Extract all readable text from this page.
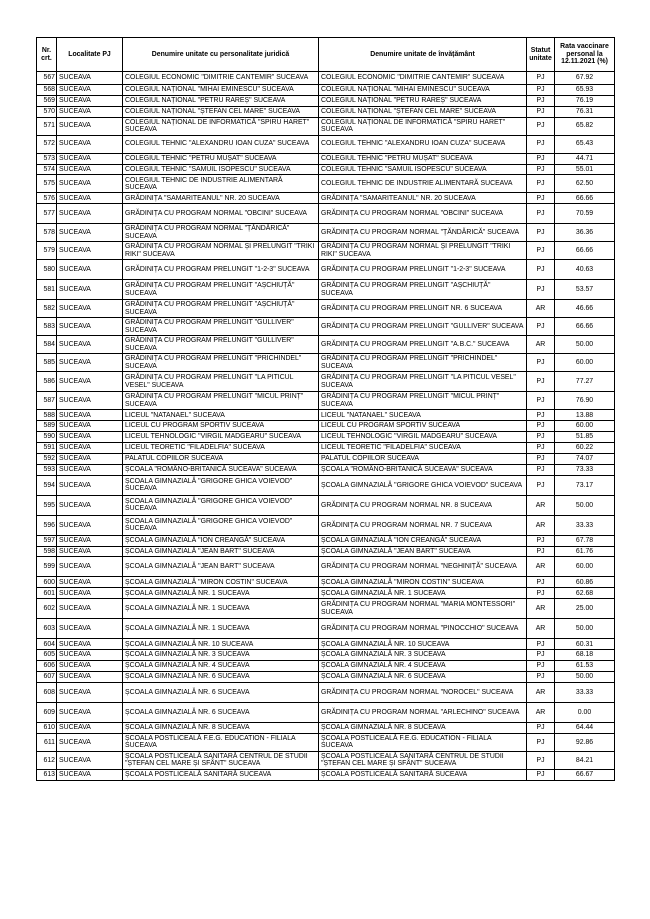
Nr. crt.	Localitate PJ	Denumire unitate cu personalitate juridică	Denumire unitate de învățământ	Statut unitate	Rata vaccinare personal la 12.11.2021 (%)
567	SUCEAVA	COLEGIUL ECONOMIC "DIMITRIE CANTEMIR" SUCEAVA	COLEGIUL ECONOMIC "DIMITRIE CANTEMIR" SUCEAVA	PJ	67.92
568	SUCEAVA	COLEGIUL NAȚIONAL "MIHAI EMINESCU" SUCEAVA	COLEGIUL NAȚIONAL "MIHAI EMINESCU" SUCEAVA	PJ	65.93
569	SUCEAVA	COLEGIUL NAȚIONAL "PETRU RAREȘ" SUCEAVA	COLEGIUL NAȚIONAL "PETRU RAREȘ" SUCEAVA	PJ	76.19
570	SUCEAVA	COLEGIUL NAȚIONAL "ȘTEFAN CEL MARE" SUCEAVA	COLEGIUL NAȚIONAL "ȘTEFAN CEL MARE" SUCEAVA	PJ	76.31
571	SUCEAVA	COLEGIUL NAȚIONAL DE INFORMATICĂ "SPIRU HARET" SUCEAVA	COLEGIUL NAȚIONAL DE INFORMATICĂ "SPIRU HARET" SUCEAVA	PJ	65.82
572	SUCEAVA	COLEGIUL TEHNIC "ALEXANDRU IOAN CUZA" SUCEAVA	COLEGIUL TEHNIC "ALEXANDRU IOAN CUZA" SUCEAVA	PJ	65.43
573	SUCEAVA	COLEGIUL TEHNIC "PETRU MUȘAT" SUCEAVA	COLEGIUL TEHNIC "PETRU MUȘAT" SUCEAVA	PJ	44.71
574	SUCEAVA	COLEGIUL TEHNIC "SAMUIL ISOPESCU" SUCEAVA	COLEGIUL TEHNIC "SAMUIL ISOPESCU" SUCEAVA	PJ	55.01
575	SUCEAVA	COLEGIUL TEHNIC DE INDUSTRIE ALIMENTARĂ SUCEAVA	COLEGIUL TEHNIC DE INDUSTRIE ALIMENTARĂ SUCEAVA	PJ	62.50
576	SUCEAVA	GRĂDINIȚA "SAMARITEANUL" NR. 20 SUCEAVA	GRĂDINIȚA "SAMARITEANUL" NR. 20 SUCEAVA	PJ	66.66
577	SUCEAVA	GRĂDINIȚA CU PROGRAM NORMAL "OBCINI" SUCEAVA	GRĂDINIȚA CU PROGRAM NORMAL "OBCINI" SUCEAVA	PJ	70.59
578	SUCEAVA	GRĂDINIȚA CU PROGRAM NORMAL "ȚĂNDĂRICĂ" SUCEAVA	GRĂDINIȚA CU PROGRAM NORMAL "ȚĂNDĂRICĂ" SUCEAVA	PJ	36.36
579	SUCEAVA	GRĂDINIȚA CU PROGRAM NORMAL ȘI PRELUNGIT "TRIKI RIKI" SUCEAVA	GRĂDINIȚA CU PROGRAM NORMAL ȘI PRELUNGIT "TRIKI RIKI" SUCEAVA	PJ	66.66
580	SUCEAVA	GRĂDINIȚA CU PROGRAM PRELUNGIT "1-2-3" SUCEAVA	GRĂDINIȚA CU PROGRAM PRELUNGIT "1-2-3" SUCEAVA	PJ	40.63
581	SUCEAVA	GRĂDINIȚA CU PROGRAM PRELUNGIT "AȘCHIUȚĂ" SUCEAVA	GRĂDINIȚA CU PROGRAM PRELUNGIT "AȘCHIUȚĂ" SUCEAVA	PJ	53.57
582	SUCEAVA	GRĂDINIȚA CU PROGRAM PRELUNGIT "AȘCHIUȚĂ" SUCEAVA	GRĂDINIȚA CU PROGRAM PRELUNGIT NR. 6 SUCEAVA	AR	46.66
583	SUCEAVA	GRĂDINIȚA CU PROGRAM PRELUNGIT "GULLIVER" SUCEAVA	GRĂDINIȚA CU PROGRAM PRELUNGIT "GULLIVER" SUCEAVA	PJ	66.66
584	SUCEAVA	GRĂDINIȚA CU PROGRAM PRELUNGIT "GULLIVER" SUCEAVA	GRĂDINIȚA CU PROGRAM PRELUNGIT "A.B.C." SUCEAVA	AR	50.00
585	SUCEAVA	GRĂDINIȚA CU PROGRAM PRELUNGIT "PRICHINDEL" SUCEAVA	GRĂDINIȚA CU PROGRAM PRELUNGIT "PRICHINDEL" SUCEAVA	PJ	60.00
586	SUCEAVA	GRĂDINIȚA CU PROGRAM PRELUNGIT "LA PITICUL VESEL" SUCEAVA	GRĂDINIȚA CU PROGRAM PRELUNGIT "LA PITICUL VESEL" SUCEAVA	PJ	77.27
587	SUCEAVA	GRĂDINIȚA CU PROGRAM PRELUNGIT "MICUL PRINȚ" SUCEAVA	GRĂDINIȚA CU PROGRAM PRELUNGIT "MICUL PRINȚ" SUCEAVA	PJ	76.90
588	SUCEAVA	LICEUL "NATANAEL" SUCEAVA	LICEUL "NATANAEL" SUCEAVA	PJ	13.88
589	SUCEAVA	LICEUL CU PROGRAM SPORTIV SUCEAVA	LICEUL CU PROGRAM SPORTIV SUCEAVA	PJ	60.00
590	SUCEAVA	LICEUL TEHNOLOGIC "VIRGIL MADGEARU" SUCEAVA	LICEUL TEHNOLOGIC "VIRGIL MADGEARU" SUCEAVA	PJ	51.85
591	SUCEAVA	LICEUL TEORETIC "FILADELFIA" SUCEAVA	LICEUL TEORETIC "FILADELFIA" SUCEAVA	PJ	60.22
592	SUCEAVA	PALATUL COPIILOR SUCEAVA	PALATUL COPIILOR SUCEAVA	PJ	74.07
593	SUCEAVA	ȘCOALA "ROMÂNO-BRITANICĂ SUCEAVA" SUCEAVA	ȘCOALA "ROMÂNO-BRITANICĂ SUCEAVA" SUCEAVA	PJ	73.33
594	SUCEAVA	ȘCOALA GIMNAZIALĂ "GRIGORE GHICA VOIEVOD" SUCEAVA	ȘCOALA GIMNAZIALĂ "GRIGORE GHICA VOIEVOD" SUCEAVA	PJ	73.17
595	SUCEAVA	ȘCOALA GIMNAZIALĂ "GRIGORE GHICA VOIEVOD" SUCEAVA	GRĂDINIȚA CU PROGRAM NORMAL NR. 8 SUCEAVA	AR	50.00
596	SUCEAVA	ȘCOALA GIMNAZIALĂ "GRIGORE GHICA VOIEVOD" SUCEAVA	GRĂDINIȚA CU PROGRAM NORMAL NR. 7 SUCEAVA	AR	33.33
597	SUCEAVA	ȘCOALA GIMNAZIALĂ "ION CREANGĂ" SUCEAVA	ȘCOALA GIMNAZIALĂ "ION CREANGĂ" SUCEAVA	PJ	67.78
598	SUCEAVA	ȘCOALA GIMNAZIALĂ "JEAN BART" SUCEAVA	ȘCOALA GIMNAZIALĂ "JEAN BART" SUCEAVA	PJ	61.76
599	SUCEAVA	ȘCOALA GIMNAZIALĂ "JEAN BART" SUCEAVA	GRĂDINIȚA CU PROGRAM NORMAL "NEGHINIȚĂ" SUCEAVA	AR	60.00
600	SUCEAVA	ȘCOALA GIMNAZIALĂ "MIRON COSTIN" SUCEAVA	ȘCOALA GIMNAZIALĂ "MIRON COSTIN" SUCEAVA	PJ	60.86
601	SUCEAVA	ȘCOALA GIMNAZIALĂ NR. 1 SUCEAVA	ȘCOALA GIMNAZIALĂ NR. 1 SUCEAVA	PJ	62.68
602	SUCEAVA	ȘCOALA GIMNAZIALĂ NR. 1 SUCEAVA	GRĂDINIȚA CU PROGRAM NORMAL "MARIA MONTESSORI" SUCEAVA	AR	25.00
603	SUCEAVA	ȘCOALA GIMNAZIALĂ NR. 1 SUCEAVA	GRĂDINIȚA CU PROGRAM NORMAL "PINOCCHIO" SUCEAVA	AR	50.00
604	SUCEAVA	ȘCOALA GIMNAZIALĂ NR. 10 SUCEAVA	ȘCOALA GIMNAZIALĂ NR. 10 SUCEAVA	PJ	60.31
605	SUCEAVA	ȘCOALA GIMNAZIALĂ NR. 3 SUCEAVA	ȘCOALA GIMNAZIALĂ NR. 3 SUCEAVA	PJ	68.18
606	SUCEAVA	ȘCOALA GIMNAZIALĂ NR. 4 SUCEAVA	ȘCOALA GIMNAZIALĂ NR. 4 SUCEAVA	PJ	61.53
607	SUCEAVA	ȘCOALA GIMNAZIALĂ NR. 6 SUCEAVA	ȘCOALA GIMNAZIALĂ NR. 6 SUCEAVA	PJ	50.00
608	SUCEAVA	ȘCOALA GIMNAZIALĂ NR. 6 SUCEAVA	GRĂDINIȚA CU PROGRAM NORMAL "NOROCEL" SUCEAVA	AR	33.33
609	SUCEAVA	ȘCOALA GIMNAZIALĂ NR. 6 SUCEAVA	GRĂDINIȚA CU PROGRAM NORMAL "ARLECHINO" SUCEAVA	AR	0.00
610	SUCEAVA	ȘCOALA GIMNAZIALĂ NR. 8 SUCEAVA	ȘCOALA GIMNAZIALĂ NR. 8 SUCEAVA	PJ	64.44
611	SUCEAVA	ȘCOALA POSTLICEALĂ F.E.G. EDUCATION - FILIALA SUCEAVA	ȘCOALA POSTLICEALĂ F.E.G. EDUCATION - FILIALA SUCEAVA	PJ	92.86
612	SUCEAVA	ȘCOALA POSTLICEALĂ SANITARĂ CENTRUL DE STUDII "ȘTEFAN CEL MARE ȘI SFÂNT" SUCEAVA	ȘCOALA POSTLICEALĂ SANITARĂ CENTRUL DE STUDII "ȘTEFAN CEL MARE ȘI SFÂNT" SUCEAVA	PJ	84.21
613	SUCEAVA	ȘCOALA POSTLICEALĂ SANITARĂ SUCEAVA	ȘCOALA POSTLICEALĂ SANITARĂ SUCEAVA	PJ	66.67
